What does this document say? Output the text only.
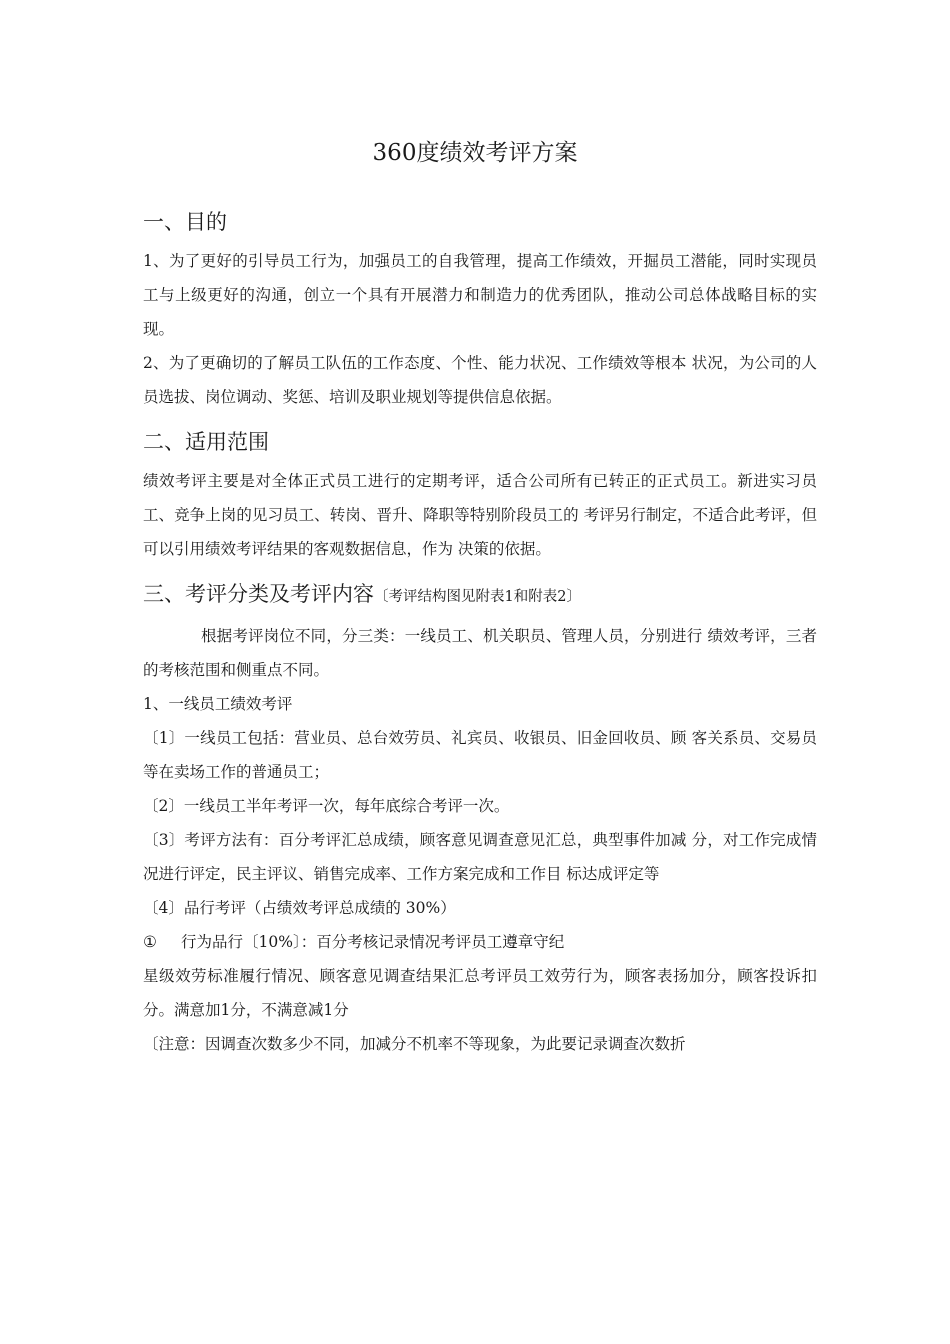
360度绩效考评方案

一、目的

1、为了更好的引导员工行为，加强员工的自我管理，提高工作绩效，开掘员工潜能，同时实现员工与上级更好的沟通，创立一个具有开展潜力和制造力的优秀团队，推动公司总体战略目标的实现。

2、为了更确切的了解员工队伍的工作态度、个性、能力状况、工作绩效等根本 状况，为公司的人员选拔、岗位调动、奖惩、培训及职业规划等提供信息依据。

二、适用范围

绩效考评主要是对全体正式员工进行的定期考评，适合公司所有已转正的正式员工。新进实习员工、竞争上岗的见习员工、转岗、晋升、降职等特别阶段员工的 考评另行制定，不适合此考评，但可以引用绩效考评结果的客观数据信息，作为 决策的依据。

三、考评分类及考评内容〔考评结构图见附表1和附表2〕

根据考评岗位不同，分三类：一线员工、机关职员、管理人员，分别进行 绩效考评，三者的考核范围和侧重点不同。

1、一线员工绩效考评

〔1〕一线员工包括：营业员、总台效劳员、礼宾员、收银员、旧金回收员、顾 客关系员、交易员等在卖场工作的普通员工；

〔2〕一线员工半年考评一次，每年底综合考评一次。

〔3〕考评方法有：百分考评汇总成绩，顾客意见调查意见汇总，典型事件加减 分，对工作完成情况进行评定，民主评议、销售完成率、工作方案完成和工作目 标达成评定等

〔4〕品行考评（占绩效考评总成绩的 30%）

① 行为品行〔10%〕：百分考核记录情况考评员工遵章守纪

星级效劳标准履行情况、顾客意见调查结果汇总考评员工效劳行为，顾客表扬加分，顾客投诉扣分。满意加1分，不满意减1分

〔注意：因调查次数多少不同，加减分不机率不等现象，为此要记录调查次数折
